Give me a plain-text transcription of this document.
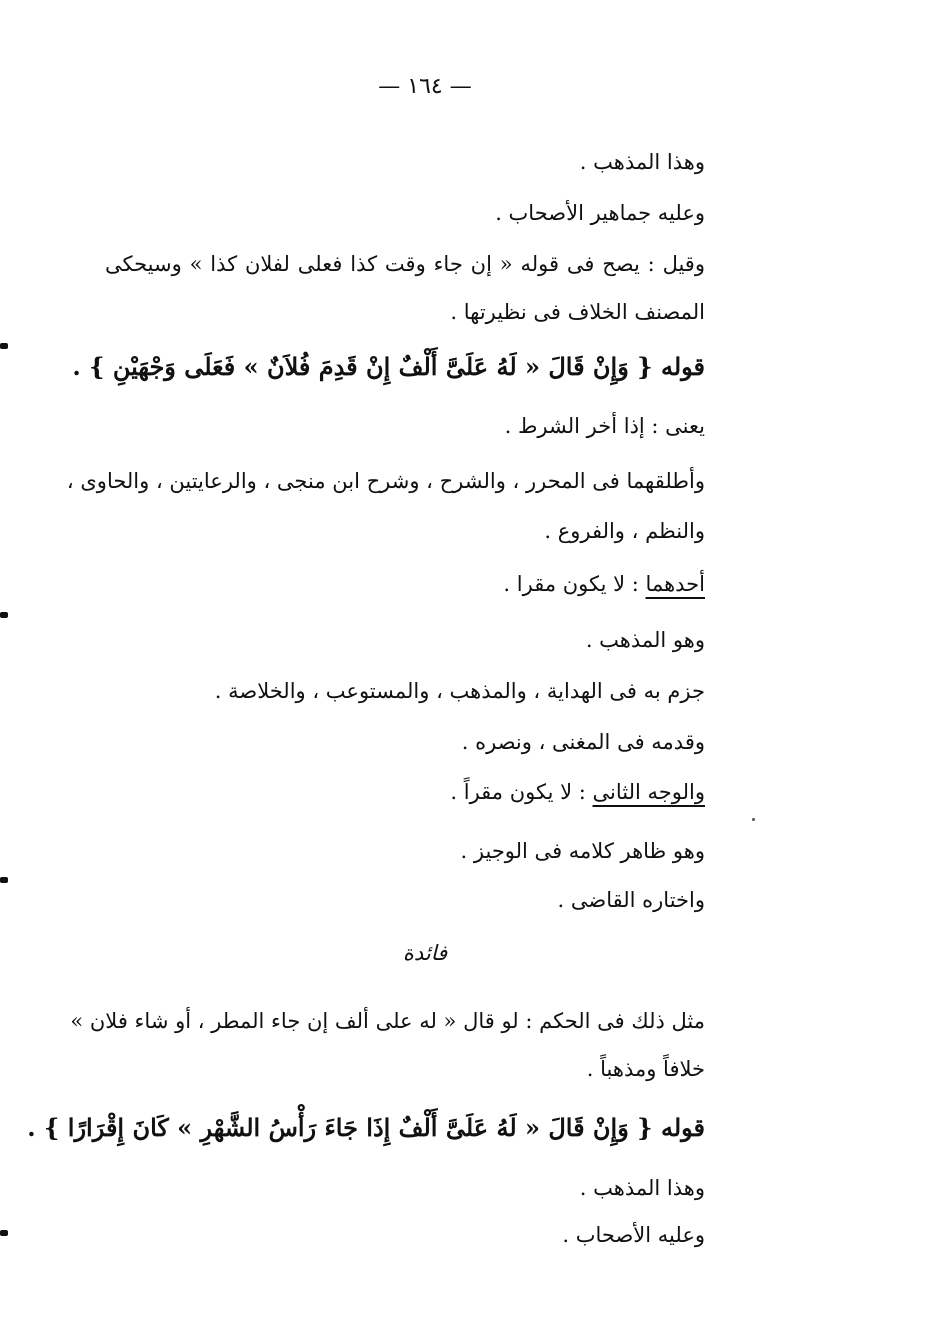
— ١٦٤ —
وهذا المذهب .
وعليه جماهير الأصحاب .
وقيل : يصح فى قوله « إن جاء وقت كذا فعلى لفلان كذا » وسيحكى
المصنف الخلاف فى نظيرتها .
قوله { وَإِنْ قَالَ « لَهُ عَلَىَّ أَلْفٌ إِنْ قَدِمَ فُلاَنٌ » فَعَلَى وَجْهَيْنِ } .
يعنى : إذا أخر الشرط .
وأطلقهما فى المحرر ، والشرح ، وشرح ابن منجى ، والرعايتين ، والحاوى ،
والنظم ، والفروع .
أحدهما : لا يكون مقرا .
وهو المذهب .
جزم به فى الهداية ، والمذهب ، والمستوعب ، والخلاصة .
وقدمه فى المغنى ، ونصره .
والوجه الثانى : لا يكون مقراً .
وهو ظاهر كلامه فى الوجيز .
واختاره القاضى .
فائدة
مثل ذلك فى الحكم : لو قال « له على ألف إن جاء المطر ، أو شاء فلان »
خلافاً ومذهباً .
قوله { وَإِنْ قَالَ « لَهُ عَلَىَّ أَلْفٌ إِذَا جَاءَ رَأْسُ الشَّهْرِ » كَانَ إِقْرَارًا } .
وهذا المذهب .
وعليه الأصحاب .
